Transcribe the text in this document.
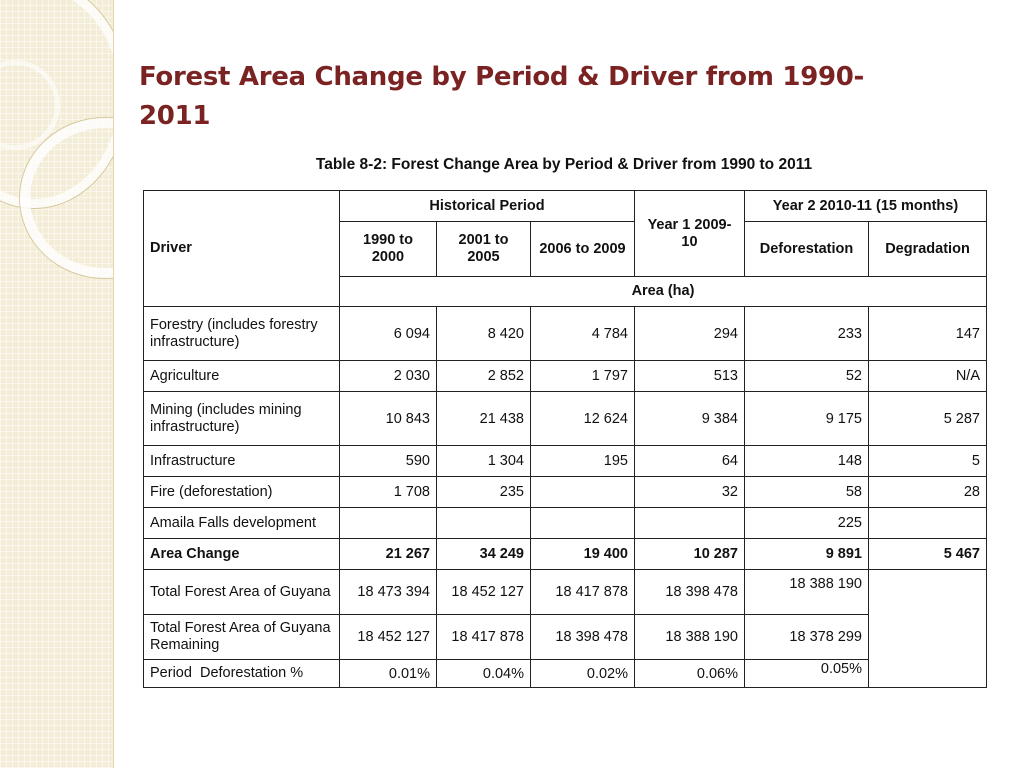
Forest Area Change by Period & Driver from 1990- 2011
Table 8-2: Forest Change Area by Period & Driver from 1990 to 2011
Driver	Historical Period			Year 1 2009-10	Year 2 2010-11 (15 months)	
	1990 to 2000	2001 to 2005	2006 to 2009		Deforestation	Degradation
	Area (ha)					
Forestry (includes forestry infrastructure)	6 094	8 420	4 784	294	233	147
Agriculture	2 030	2 852	1 797	513	52	N/A
Mining (includes mining infrastructure)	10 843	21 438	12 624	9 384	9 175	5 287
Infrastructure	590	1 304	195	64	148	5
Fire (deforestation)	1 708	235		32	58	28
Amaila Falls development					225	
Area Change	21 267	34 249	19 400	10 287	9 891	5 467
Total Forest Area of Guyana	18 473 394	18 452 127	18 417 878	18 398 478	18 388 190	
Total Forest Area of Guyana Remaining	18 452 127	18 417 878	18 398 478	18 388 190	18 378 299	
Period  Deforestation %	0.01%	0.04%	0.02%	0.06%	0.05%	
